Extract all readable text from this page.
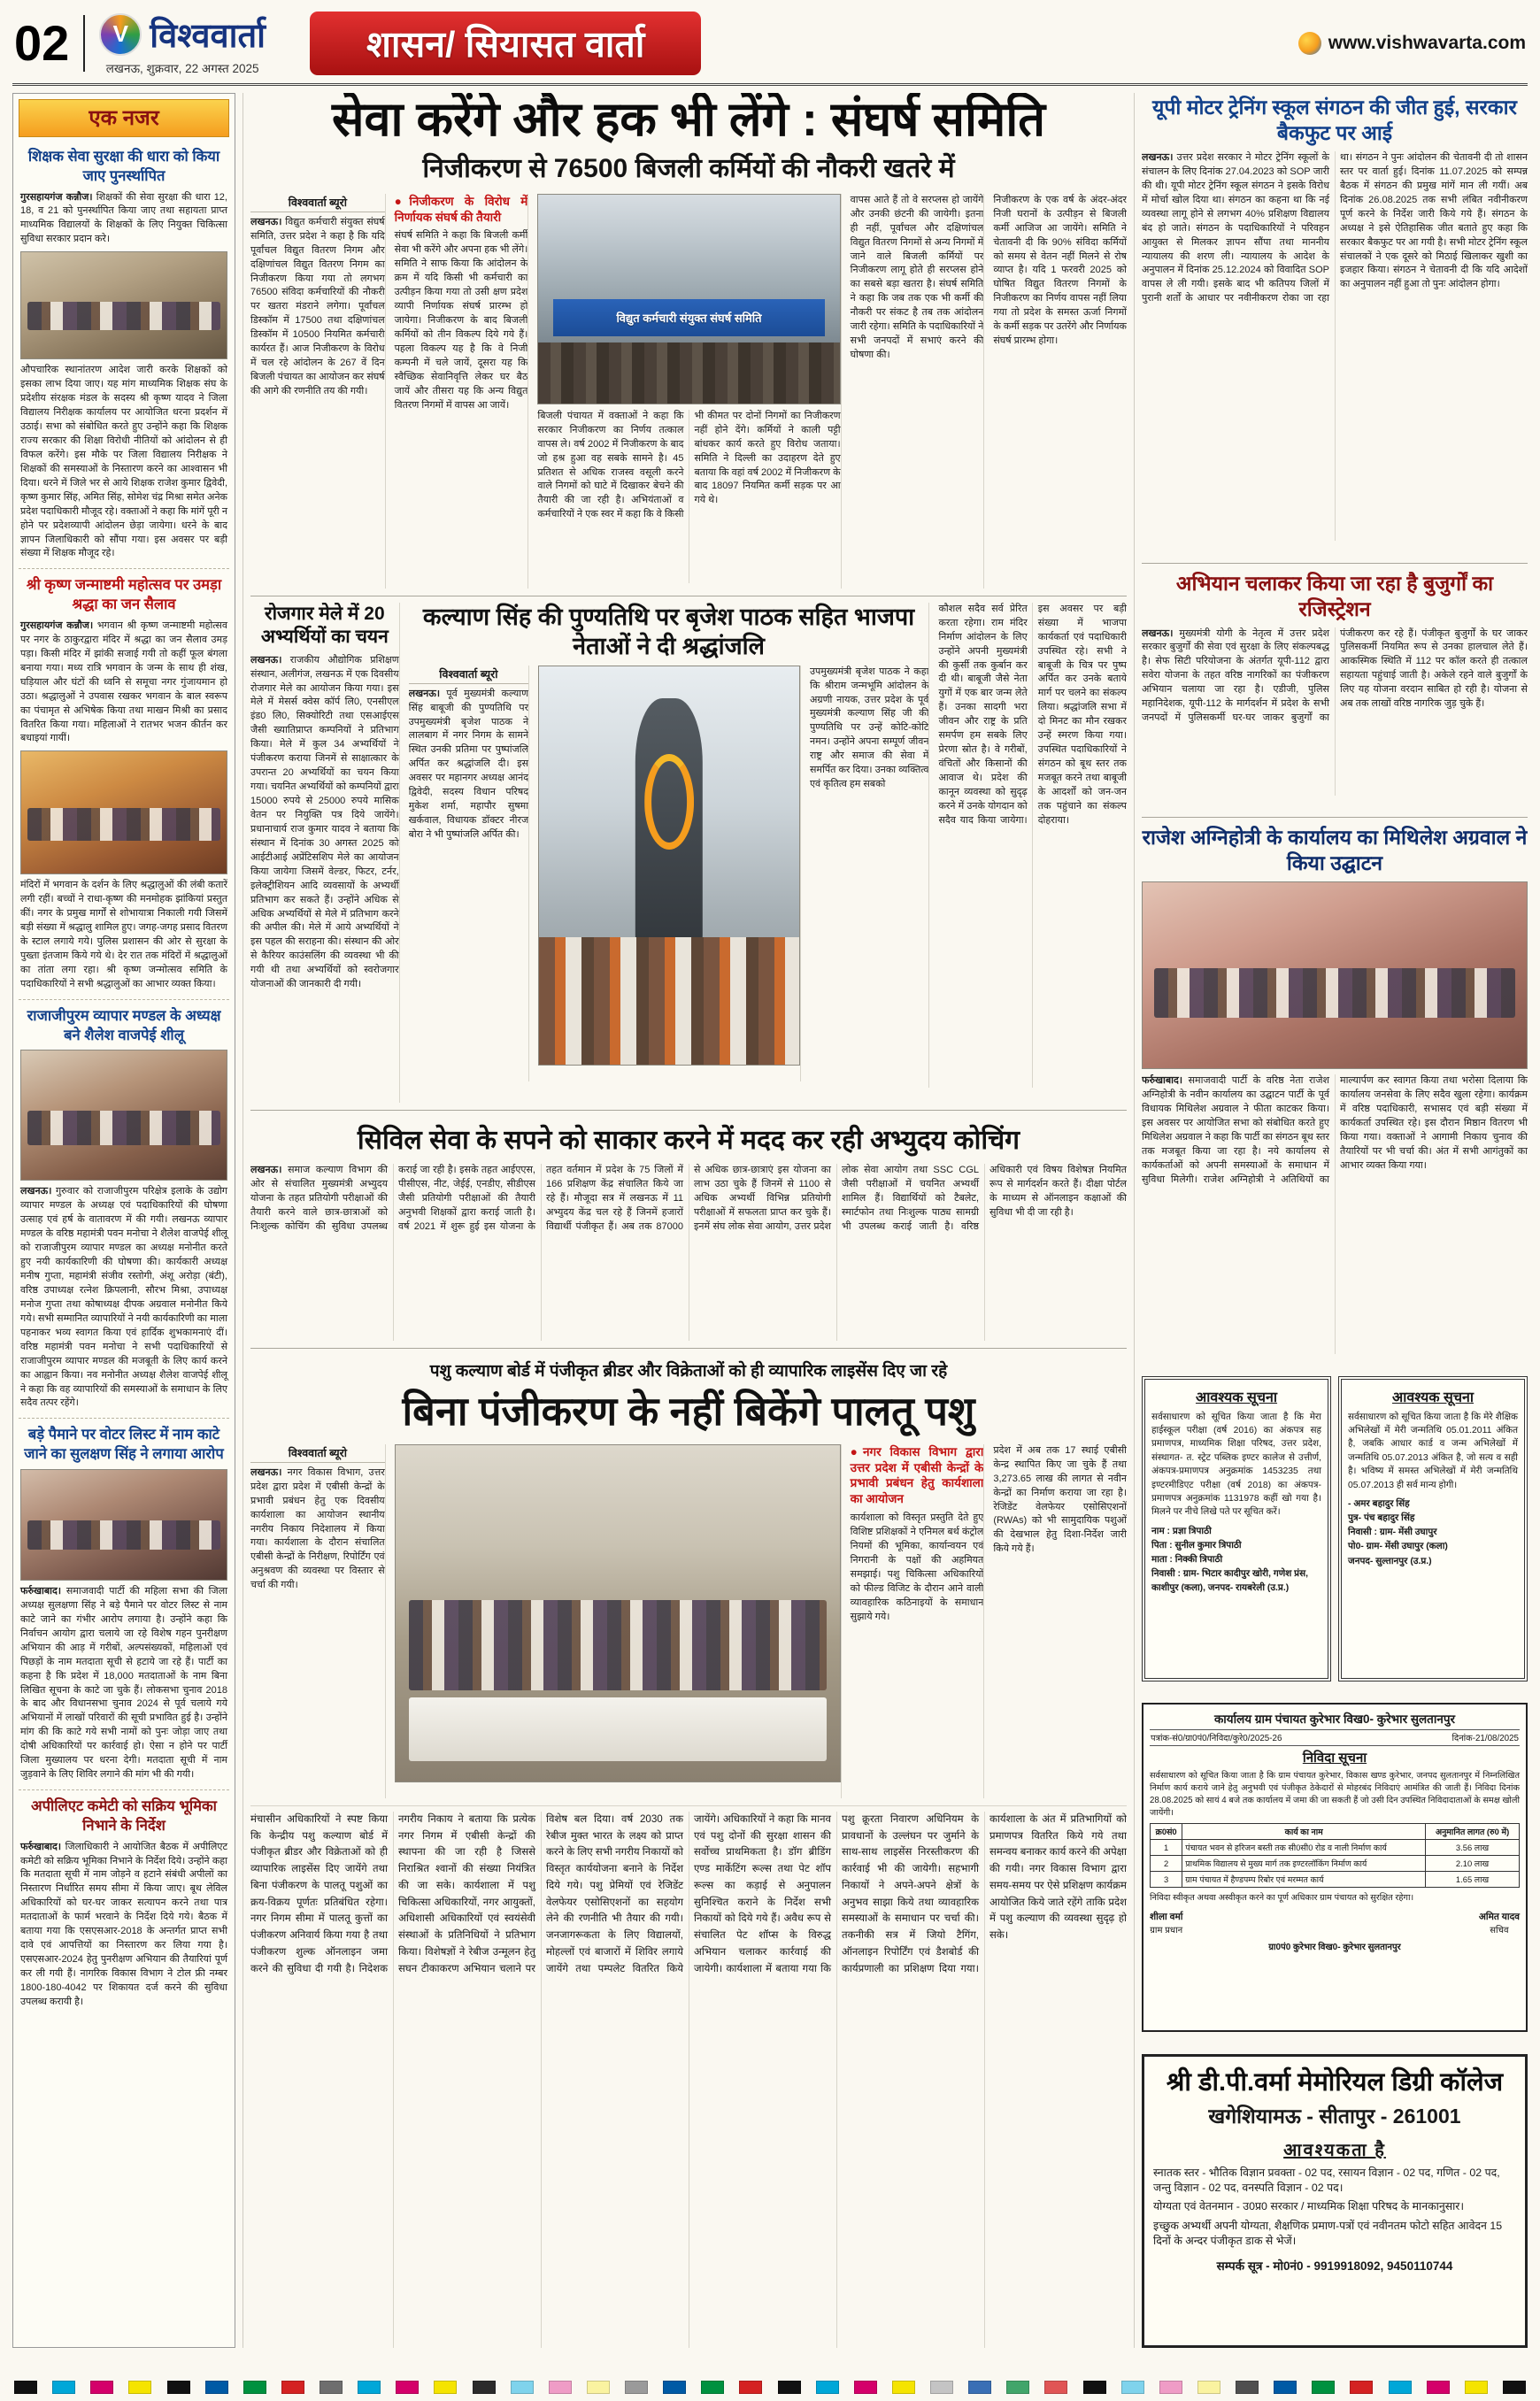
02	V विश्ववार्ता
लखनऊ, शुक्रवार, 22 अगस्त 2025
शासन/ सियासत वार्ता	www.vishwavarta.com
एक नजर
शिक्षक सेवा सुरक्षा की धारा को किया जाए पुनर्स्थापित

गुरसहायगंज कन्नौज। शिक्षकों की सेवा सुरक्षा की धारा 12, 18, व 21 को पुनर्स्थापित किया जाए तथा सहायता प्राप्त माध्यमिक विद्यालयों के शिक्षकों के लिए नियुक्त चिकित्सा सुविधा सरकार प्रदान करे।

औपचारिक स्थानांतरण आदेश जारी करके शिक्षकों को इसका लाभ दिया जाए। यह मांग माध्यमिक शिक्षक संघ के प्रदेशीय संरक्षक मंडल के सदस्य श्री कृष्ण यादव ने जिला विद्यालय निरीक्षक कार्यालय पर आयोजित धरना प्रदर्शन में उठाई। सभा को संबोधित करते हुए उन्होंने कहा कि शिक्षक राज्य सरकार की शिक्षा विरोधी नीतियों को आंदोलन से ही विफल करेंगे। इस मौके पर जिला विद्यालय निरीक्षक ने शिक्षकों की समस्याओं के निस्तारण करने का आश्वासन भी दिया। धरने में जिले भर से आये शिक्षक राजेश कुमार द्विवेदी, कृष्ण कुमार सिंह, अमित सिंह, सोमेश चंद्र मिश्रा समेत अनेक प्रदेश पदाधिकारी मौजूद रहे। वक्ताओं ने कहा कि मांगें पूरी न होने पर प्रदेशव्यापी आंदोलन छेड़ा जायेगा। धरने के बाद ज्ञापन जिलाधिकारी को सौंपा गया। इस अवसर पर बड़ी संख्या में शिक्षक मौजूद रहे।

श्री कृष्ण जन्माष्टमी महोत्सव पर उमड़ा श्रद्धा का जन सैलाव

गुरसहायगंज कन्नौज। भगवान श्री कृष्ण जन्माष्टमी महोत्सव पर नगर के ठाकुरद्वारा मंदिर में श्रद्धा का जन सैलाव उमड़ पड़ा। किसी मंदिर में झांकी सजाई गयी तो कहीं फूल बंगला बनाया गया। मध्य रात्रि भगवान के जन्म के साथ ही शंख, घड़ियाल और घंटों की ध्वनि से समूचा नगर गुंजायमान हो उठा। श्रद्धालुओं ने उपवास रखकर भगवान के बाल स्वरूप का पंचामृत से अभिषेक किया तथा माखन मिश्री का प्रसाद वितरित किया गया। महिलाओं ने रातभर भजन कीर्तन कर बधाइयां गायीं।

मंदिरों में भगवान के दर्शन के लिए श्रद्धालुओं की लंबी कतारें लगी रहीं। बच्चों ने राधा-कृष्ण की मनमोहक झांकियां प्रस्तुत कीं। नगर के प्रमुख मार्गों से शोभायात्रा निकाली गयी जिसमें बड़ी संख्या में श्रद्धालु शामिल हुए। जगह-जगह प्रसाद वितरण के स्टाल लगाये गये। पुलिस प्रशासन की ओर से सुरक्षा के पुख्ता इंतजाम किये गये थे। देर रात तक मंदिरों में श्रद्धालुओं का तांता लगा रहा। श्री कृष्ण जन्मोत्सव समिति के पदाधिकारियों ने सभी श्रद्धालुओं का आभार व्यक्त किया।

राजाजीपुरम व्यापार मण्डल के अध्यक्ष बने शैलेश वाजपेई शीलू

लखनऊ। गुरुवार को राजाजीपुरम परिक्षेत्र इलाके के उद्योग व्यापार मण्डल के अध्यक्ष एवं पदाधिकारियों की घोषणा उत्साह एवं हर्ष के वातावरण में की गयी। लखनऊ व्यापार मण्डल के वरिष्ठ महामंत्री पवन मनोचा ने शैलेश वाजपेई शीलू को राजाजीपुरम व्यापार मण्डल का अध्यक्ष मनोनीत करते हुए नयी कार्यकारिणी की घोषणा की। कार्यकारी अध्यक्ष मनीष गुप्ता, महामंत्री संजीव रस्तोगी, अंशू अरोड़ा (बंटी), वरिष्ठ उपाध्यक्ष रत्नेश क्रिपलानी, सौरभ मिश्रा, उपाध्यक्ष मनोज गुप्ता तथा कोषाध्यक्ष दीपक अग्रवाल मनोनीत किये गये। सभी सम्मानित व्यापारियों ने नयी कार्यकारिणी का माला पहनाकर भव्य स्वागत किया एवं हार्दिक शुभकामनाएं दीं। वरिष्ठ महामंत्री पवन मनोचा ने सभी पदाधिकारियों से राजाजीपुरम व्यापार मण्डल की मजबूती के लिए कार्य करने का आह्वान किया। नव मनोनीत अध्यक्ष शैलेश वाजपेई शीलू ने कहा कि वह व्यापारियों की समस्याओं के समाधान के लिए सदैव तत्पर रहेंगे।

बड़े पैमाने पर वोटर लिस्ट में नाम काटे जाने का सुलक्षण सिंह ने लगाया आरोप

फर्रुखाबाद। समाजवादी पार्टी की महिला सभा की जिला अध्यक्ष सुलक्षणा सिंह ने बड़े पैमाने पर वोटर लिस्ट से नाम काटे जाने का गंभीर आरोप लगाया है। उन्होंने कहा कि निर्वाचन आयोग द्वारा चलाये जा रहे विशेष गहन पुनरीक्षण अभियान की आड़ में गरीबों, अल्पसंख्यकों, महिलाओं एवं पिछड़ों के नाम मतदाता सूची से हटाये जा रहे हैं। पार्टी का कहना है कि प्रदेश में 18,000 मतदाताओं के नाम बिना लिखित सूचना के काटे जा चुके हैं। लोकसभा चुनाव 2018 के बाद और विधानसभा चुनाव 2024 से पूर्व चलाये गये अभियानों में लाखों परिवारों की सूची प्रभावित हुई है। उन्होंने मांग की कि काटे गये सभी नामों को पुनः जोड़ा जाए तथा दोषी अधिकारियों पर कार्रवाई हो। ऐसा न होने पर पार्टी जिला मुख्यालय पर धरना देगी। मतदाता सूची में नाम जुड़वाने के लिए शिविर लगाने की मांग भी की गयी।

अपीलिएट कमेटी को सक्रिय भूमिका निभाने के निर्देश

फर्रुखाबाद। जिलाधिकारी ने आयोजित बैठक में अपीलिएट कमेटी को सक्रिय भूमिका निभाने के निर्देश दिये। उन्होंने कहा कि मतदाता सूची में नाम जोड़ने व हटाने संबंधी अपीलों का निस्तारण निर्धारित समय सीमा में किया जाए। बूथ लेविल अधिकारियों को घर-घर जाकर सत्यापन करने तथा पात्र मतदाताओं के फार्म भरवाने के निर्देश दिये गये। बैठक में बताया गया कि एसएसआर-2018 के अन्तर्गत प्राप्त सभी दावे एवं आपत्तियों का निस्तारण कर लिया गया है। एसएसआर-2024 हेतु पुनरीक्षण अभियान की तैयारियां पूर्ण कर ली गयी हैं। नागरिक विकास विभाग ने टोल फ्री नम्बर 1800-180-4042 पर शिकायत दर्ज करने की सुविधा उपलब्ध करायी है।

सेवा करेंगे और हक भी लेंगे : संघर्ष समिति
निजीकरण से 76500 बिजली कर्मियों की नौकरी खतरे में
विश्ववार्ता ब्यूरो

लखनऊ। विद्युत कर्मचारी संयुक्त संघर्ष समिति, उत्तर प्रदेश ने कहा है कि यदि पूर्वांचल विद्युत वितरण निगम और दक्षिणांचल विद्युत वितरण निगम का निजीकरण किया गया तो लगभग 76500 संविदा कर्मचारियों की नौकरी पर खतरा मंडराने लगेगा। पूर्वांचल डिस्कॉम में 17500 तथा दक्षिणांचल डिस्कॉम में 10500 नियमित कर्मचारी कार्यरत हैं। आज निजीकरण के विरोध में चल रहे आंदोलन के 267 वें दिन बिजली पंचायत का आयोजन कर संघर्ष की आगे की रणनीति तय की गयी।

●निजीकरण के विरोध में निर्णायक संघर्ष की तैयारी

संघर्ष समिति ने कहा कि बिजली कर्मी सेवा भी करेंगे और अपना हक भी लेंगे। समिति ने साफ किया कि आंदोलन के क्रम में यदि किसी भी कर्मचारी का उत्पीड़न किया गया तो उसी क्षण प्रदेश व्यापी निर्णायक संघर्ष प्रारम्भ हो जायेगा। निजीकरण के बाद बिजली कर्मियों को तीन विकल्प दिये गये हैं। पहला विकल्प यह है कि वे निजी कम्पनी में चले जायें, दूसरा यह कि स्वैच्छिक सेवानिवृत्ति लेकर घर बैठ जायें और तीसरा यह कि अन्य विद्युत वितरण निगमों में वापस आ जायें।

विद्युत कर्मचारी संयुक्त संघर्ष समिति
बिजली पंचायत में वक्ताओं ने कहा कि सरकार निजीकरण का निर्णय तत्काल वापस ले। वर्ष 2002 में निजीकरण के बाद जो हश्र हुआ वह सबके सामने है। 45 प्रतिशत से अधिक राजस्व वसूली करने वाले निगमों को घाटे में दिखाकर बेचने की तैयारी की जा रही है। अभियंताओं व कर्मचारियों ने एक स्वर में कहा कि वे किसी भी कीमत पर दोनों निगमों का निजीकरण नहीं होने देंगे। कर्मियों ने काली पट्टी बांधकर कार्य करते हुए विरोध जताया। समिति ने दिल्ली का उदाहरण देते हुए बताया कि वहां वर्ष 2002 में निजीकरण के बाद 18097 नियमित कर्मी सड़क पर आ गये थे।

वापस आते हैं तो वे सरप्लस हो जायेंगे और उनकी छंटनी की जायेगी। इतना ही नहीं, पूर्वांचल और दक्षिणांचल विद्युत वितरण निगमों से अन्य निगमों में जाने वाले बिजली कर्मियों पर निजीकरण लागू होते ही सरप्लस होने का सबसे बड़ा खतरा है। संघर्ष समिति ने कहा कि जब तक एक भी कर्मी की नौकरी पर संकट है तब तक आंदोलन जारी रहेगा। समिति के पदाधिकारियों ने सभी जनपदों में सभाएं करने की घोषणा की।

निजीकरण के एक वर्ष के अंदर-अंदर निजी घरानों के उत्पीड़न से बिजली कर्मी आजिज आ जायेंगे। समिति ने चेतावनी दी कि 90% संविदा कर्मियों को समय से वेतन नहीं मिलने से रोष व्याप्त है। यदि 1 फरवरी 2025 को घोषित विद्युत वितरण निगमों के निजीकरण का निर्णय वापस नहीं लिया गया तो प्रदेश के समस्त ऊर्जा निगमों के कर्मी सड़क पर उतरेंगे और निर्णायक संघर्ष प्रारम्भ होगा।

रोजगार मेले में 20 अभ्यर्थियों का चयन

लखनऊ। राजकीय औद्योगिक प्रशिक्षण संस्थान, अलीगंज, लखनऊ में एक दिवसीय रोजगार मेले का आयोजन किया गया। इस मेले में मेसर्स क्वेस कॉर्प लि0, एनसीएल इंड0 लि0, सिक्योरिटी तथा एसआईएस जैसी ख्यातिप्राप्त कम्पनियों ने प्रतिभाग किया। मेले में कुल 34 अभ्यर्थियों ने पंजीकरण कराया जिनमें से साक्षात्कार के उपरान्त 20 अभ्यर्थियों का चयन किया गया। चयनित अभ्यर्थियों को कम्पनियों द्वारा 15000 रुपये से 25000 रुपये मासिक वेतन पर नियुक्ति पत्र दिये जायेंगे। प्रधानाचार्य राज कुमार यादव ने बताया कि संस्थान में दिनांक 30 अगस्त 2025 को आईटीआई अप्रेंटिसशिप मेले का आयोजन किया जायेगा जिसमें वेल्डर, फिटर, टर्नर, इलेक्ट्रीशियन आदि व्यवसायों के अभ्यर्थी प्रतिभाग कर सकते हैं। उन्होंने अधिक से अधिक अभ्यर्थियों से मेले में प्रतिभाग करने की अपील की। मेले में आये अभ्यर्थियों ने इस पहल की सराहना की। संस्थान की ओर से कैरियर काउंसलिंग की व्यवस्था भी की गयी थी तथा अभ्यर्थियों को स्वरोजगार योजनाओं की जानकारी दी गयी।

कल्याण सिंह की पुण्यतिथि पर बृजेश पाठक सहित भाजपा नेताओं ने दी श्रद्धांजलि
विश्ववार्ता ब्यूरो

लखनऊ। पूर्व मुख्यमंत्री कल्याण सिंह बाबूजी की पुण्यतिथि पर उपमुख्यमंत्री बृजेश पाठक ने लालबाग में नगर निगम के सामने स्थित उनकी प्रतिमा पर पुष्पांजलि अर्पित कर श्रद्धांजलि दी। इस अवसर पर महानगर अध्यक्ष आनंद द्विवेदी, सदस्य विधान परिषद मुकेश शर्मा, महापौर सुषमा खर्कवाल, विधायक डॉक्टर नीरज बोरा ने भी पुष्पांजलि अर्पित की।

उपमुख्यमंत्री बृजेश पाठक ने कहा कि श्रीराम जन्मभूमि आंदोलन के अग्रणी नायक, उत्तर प्रदेश के पूर्व मुख्यमंत्री कल्याण सिंह जी की पुण्यतिथि पर उन्हें कोटि-कोटि नमन। उन्होंने अपना सम्पूर्ण जीवन राष्ट्र और समाज की सेवा में समर्पित कर दिया। उनका व्यक्तित्व एवं कृतित्व हम सबको

कौशल सदैव सर्व प्रेरित करता रहेगा। राम मंदिर निर्माण आंदोलन के लिए उन्होंने अपनी मुख्यमंत्री की कुर्सी तक कुर्बान कर दी थी। बाबूजी जैसे नेता युगों में एक बार जन्म लेते हैं। उनका सादगी भरा जीवन और राष्ट्र के प्रति समर्पण हम सबके लिए प्रेरणा स्रोत है। वे गरीबों, वंचितों और किसानों की आवाज थे। प्रदेश की कानून व्यवस्था को सुदृढ़ करने में उनके योगदान को सदैव याद किया जायेगा। इस अवसर पर बड़ी संख्या में भाजपा कार्यकर्ता एवं पदाधिकारी उपस्थित रहे। सभी ने बाबूजी के चित्र पर पुष्प अर्पित कर उनके बताये मार्ग पर चलने का संकल्प लिया। श्रद्धांजलि सभा में दो मिनट का मौन रखकर उन्हें स्मरण किया गया। उपस्थित पदाधिकारियों ने संगठन को बूथ स्तर तक मजबूत करने तथा बाबूजी के आदर्शों को जन-जन तक पहुंचाने का संकल्प दोहराया।
सिविल सेवा के सपने को साकार करने में मदद कर रही अभ्युदय कोचिंग
लखनऊ। समाज कल्याण विभाग की ओर से संचालित मुख्यमंत्री अभ्युदय योजना के तहत प्रतियोगी परीक्षाओं की तैयारी करने वाले छात्र-छात्राओं को निःशुल्क कोचिंग की सुविधा उपलब्ध कराई जा रही है। इसके तहत आईएएस, पीसीएस, नीट, जेईई, एनडीए, सीडीएस जैसी प्रतियोगी परीक्षाओं की तैयारी अनुभवी शिक्षकों द्वारा कराई जाती है। वर्ष 2021 में शुरू हुई इस योजना के तहत वर्तमान में प्रदेश के 75 जिलों में 166 प्रशिक्षण केंद्र संचालित किये जा रहे हैं। मौजूदा सत्र में लखनऊ में 11 अभ्युदय केंद्र चल रहे हैं जिनमें हजारों विद्यार्थी पंजीकृत हैं। अब तक 87000 से अधिक छात्र-छात्राएं इस योजना का लाभ उठा चुके हैं जिनमें से 1100 से अधिक अभ्यर्थी विभिन्न प्रतियोगी परीक्षाओं में सफलता प्राप्त कर चुके हैं। इनमें संघ लोक सेवा आयोग, उत्तर प्रदेश लोक सेवा आयोग तथा SSC CGL जैसी परीक्षाओं में चयनित अभ्यर्थी शामिल हैं। विद्यार्थियों को टैबलेट, स्मार्टफोन तथा निःशुल्क पाठ्य सामग्री भी उपलब्ध कराई जाती है। वरिष्ठ अधिकारी एवं विषय विशेषज्ञ नियमित रूप से मार्गदर्शन करते हैं। दीक्षा पोर्टल के माध्यम से ऑनलाइन कक्षाओं की सुविधा भी दी जा रही है।
पशु कल्याण बोर्ड में पंजीकृत ब्रीडर और विक्रेताओं को ही व्यापारिक लाइसेंस दिए जा रहे
बिना पंजीकरण के नहीं बिकेंगे पालतू पशु
विश्ववार्ता ब्यूरो

लखनऊ। नगर विकास विभाग, उत्तर प्रदेश द्वारा प्रदेश में एबीसी केन्द्रों के प्रभावी प्रबंधन हेतु एक दिवसीय कार्यशाला का आयोजन स्थानीय नगरीय निकाय निदेशालय में किया गया। कार्यशाला के दौरान संचालित एबीसी केन्द्रों के निरीक्षण, रिपोर्टिंग एवं अनुश्रवण की व्यवस्था पर विस्तार से चर्चा की गयी।

●नगर विकास विभाग द्वारा उत्तर प्रदेश में एबीसी केन्द्रों के प्रभावी प्रबंधन हेतु कार्यशाला का आयोजन

कार्यशाला को विस्तृत प्रस्तुति देते हुए विशिष्ट प्रशिक्षकों ने एनिमल बर्थ कंट्रोल नियमों की भूमिका, कार्यान्वयन एवं निगरानी के पक्षों की अहमियत समझाई। पशु चिकित्सा अधिकारियों को फील्ड विजिट के दौरान आने वाली व्यावहारिक कठिनाइयों के समाधान सुझाये गये।

प्रदेश में अब तक 17 स्थाई एबीसी केन्द्र स्थापित किए जा चुके हैं तथा 3,273.65 लाख की लागत से नवीन केन्द्रों का निर्माण कराया जा रहा है। रेजिडेंट वेलफेयर एसोसिएशनों (RWAs) को भी सामुदायिक पशुओं की देखभाल हेतु दिशा-निर्देश जारी किये गये हैं।

मंचासीन अधिकारियों ने स्पष्ट किया कि केन्द्रीय पशु कल्याण बोर्ड में पंजीकृत ब्रीडर और विक्रेताओं को ही व्यापारिक लाइसेंस दिए जायेंगे तथा बिना पंजीकरण के पालतू पशुओं का क्रय-विक्रय पूर्णतः प्रतिबंधित रहेगा। नगर निगम सीमा में पालतू कुत्तों का पंजीकरण अनिवार्य किया गया है तथा पंजीकरण शुल्क ऑनलाइन जमा करने की सुविधा दी गयी है। निदेशक नगरीय निकाय ने बताया कि प्रत्येक नगर निगम में एबीसी केन्द्रों की स्थापना की जा रही है जिससे निराश्रित श्वानों की संख्या नियंत्रित की जा सके। कार्यशाला में पशु चिकित्सा अधिकारियों, नगर आयुक्तों, अधिशासी अधिकारियों एवं स्वयंसेवी संस्थाओं के प्रतिनिधियों ने प्रतिभाग किया। विशेषज्ञों ने रेबीज उन्मूलन हेतु सघन टीकाकरण अभियान चलाने पर विशेष बल दिया। वर्ष 2030 तक रेबीज मुक्त भारत के लक्ष्य को प्राप्त करने के लिए सभी नगरीय निकायों को विस्तृत कार्ययोजना बनाने के निर्देश दिये गये। पशु प्रेमियों एवं रेजिडेंट वेलफेयर एसोसिएशनों का सहयोग लेने की रणनीति भी तैयार की गयी। जनजागरूकता के लिए विद्यालयों, मोहल्लों एवं बाजारों में शिविर लगाये जायेंगे तथा पम्पलेट वितरित किये जायेंगे। अधिकारियों ने कहा कि मानव एवं पशु दोनों की सुरक्षा शासन की सर्वोच्च प्राथमिकता है। डॉग ब्रीडिंग एण्ड मार्केटिंग रूल्स तथा पेट शॉप रूल्स का कड़ाई से अनुपालन सुनिश्चित कराने के निर्देश सभी निकायों को दिये गये हैं। अवैध रूप से संचालित पेट शॉप्स के विरुद्ध अभियान चलाकर कार्रवाई की जायेगी। कार्यशाला में बताया गया कि पशु क्रूरता निवारण अधिनियम के प्रावधानों के उल्लंघन पर जुर्माने के साथ-साथ लाइसेंस निरस्तीकरण की कार्रवाई भी की जायेगी। सहभागी निकायों ने अपने-अपने क्षेत्रों के अनुभव साझा किये तथा व्यावहारिक समस्याओं के समाधान पर चर्चा की। तकनीकी सत्र में जियो टैगिंग, ऑनलाइन रिपोर्टिंग एवं डैशबोर्ड की कार्यप्रणाली का प्रशिक्षण दिया गया। कार्यशाला के अंत में प्रतिभागियों को प्रमाणपत्र वितरित किये गये तथा समन्वय बनाकर कार्य करने की अपेक्षा की गयी। नगर विकास विभाग द्वारा समय-समय पर ऐसे प्रशिक्षण कार्यक्रम आयोजित किये जाते रहेंगे ताकि प्रदेश में पशु कल्याण की व्यवस्था सुदृढ़ हो सके।
यूपी मोटर ट्रेनिंग स्कूल संगठन की जीत हुई, सरकार बैकफुट पर आई
लखनऊ। उत्तर प्रदेश सरकार ने मोटर ट्रेनिंग स्कूलों के संचालन के लिए दिनांक 27.04.2023 को SOP जारी की थी। यूपी मोटर ट्रेनिंग स्कूल संगठन ने इसके विरोध में मोर्चा खोल दिया था। संगठन का कहना था कि नई व्यवस्था लागू होने से लगभग 40% प्रशिक्षण विद्यालय बंद हो जाते। संगठन के पदाधिकारियों ने परिवहन आयुक्त से मिलकर ज्ञापन सौंपा तथा माननीय न्यायालय की शरण ली। न्यायालय के आदेश के अनुपालन में दिनांक 25.12.2024 को विवादित SOP वापस ले ली गयी। इसके बाद भी कतिपय जिलों में पुरानी शर्तों के आधार पर नवीनीकरण रोका जा रहा था। संगठन ने पुनः आंदोलन की चेतावनी दी तो शासन स्तर पर वार्ता हुई। दिनांक 11.07.2025 को सम्पन्न बैठक में संगठन की प्रमुख मांगें मान ली गयीं। अब दिनांक 26.08.2025 तक सभी लंबित नवीनीकरण पूर्ण करने के निर्देश जारी किये गये हैं। संगठन के अध्यक्ष ने इसे ऐतिहासिक जीत बताते हुए कहा कि सरकार बैकफुट पर आ गयी है। सभी मोटर ट्रेनिंग स्कूल संचालकों ने एक दूसरे को मिठाई खिलाकर खुशी का इजहार किया। संगठन ने चेतावनी दी कि यदि आदेशों का अनुपालन नहीं हुआ तो पुनः आंदोलन होगा।
अभियान चलाकर किया जा रहा है बुजुर्गों का रजिस्ट्रेशन
लखनऊ। मुख्यमंत्री योगी के नेतृत्व में उत्तर प्रदेश सरकार बुजुर्गों की सेवा एवं सुरक्षा के लिए संकल्पबद्ध है। सेफ सिटी परियोजना के अंतर्गत यूपी-112 द्वारा सवेरा योजना के तहत वरिष्ठ नागरिकों का पंजीकरण अभियान चलाया जा रहा है। एडीजी, पुलिस महानिदेशक, यूपी-112 के मार्गदर्शन में प्रदेश के सभी जनपदों में पुलिसकर्मी घर-घर जाकर बुजुर्गों का पंजीकरण कर रहे हैं। पंजीकृत बुजुर्गों के घर जाकर पुलिसकर्मी नियमित रूप से उनका हालचाल लेते हैं। आकस्मिक स्थिति में 112 पर कॉल करते ही तत्काल सहायता पहुंचाई जाती है। अकेले रहने वाले बुजुर्गों के लिए यह योजना वरदान साबित हो रही है। योजना से अब तक लाखों वरिष्ठ नागरिक जुड़ चुके हैं।
राजेश अग्निहोत्री के कार्यालय का मिथिलेश अग्रवाल ने किया उद्घाटन
फर्रुखाबाद। समाजवादी पार्टी के वरिष्ठ नेता राजेश अग्निहोत्री के नवीन कार्यालय का उद्घाटन पार्टी के पूर्व विधायक मिथिलेश अग्रवाल ने फीता काटकर किया। इस अवसर पर आयोजित सभा को संबोधित करते हुए मिथिलेश अग्रवाल ने कहा कि पार्टी का संगठन बूथ स्तर तक मजबूत किया जा रहा है। नये कार्यालय से कार्यकर्ताओं को अपनी समस्याओं के समाधान में सुविधा मिलेगी। राजेश अग्निहोत्री ने अतिथियों का माल्यार्पण कर स्वागत किया तथा भरोसा दिलाया कि कार्यालय जनसेवा के लिए सदैव खुला रहेगा। कार्यक्रम में वरिष्ठ पदाधिकारी, सभासद एवं बड़ी संख्या में कार्यकर्ता उपस्थित रहे। इस दौरान मिष्ठान वितरण भी किया गया। वक्ताओं ने आगामी निकाय चुनाव की तैयारियों पर भी चर्चा की। अंत में सभी आगंतुकों का आभार व्यक्त किया गया।
आवश्यक सूचना
सर्वसाधारण को सूचित किया जाता है कि मेरा हाईस्कूल परीक्षा (वर्ष 2016) का अंकपत्र सह प्रमाणपत्र, माध्यमिक शिक्षा परिषद, उत्तर प्रदेश, संस्थागत- त. स्ट्रेट पब्लिक इण्टर कालेज से उत्तीर्ण, अंकपत्र-प्रमाणपत्र अनुक्रमांक 1453235 तथा इण्टरमीडिएट परीक्षा (वर्ष 2018) का अंकपत्र-प्रमाणपत्र अनुक्रमांक 1131978 कहीं खो गया है। मिलने पर नीचे लिखे पते पर सूचित करें।
नाम : प्रज्ञा त्रिपाठी
पिता : सुनील कुमार त्रिपाठी
माता : निक्की त्रिपाठी
निवासी : ग्राम- भिटार कादीपुर खोरी, गणेश प्रंस, काशीपुर (कला), जनपद- रायबरेली (उ.प्र.)
आवश्यक सूचना
सर्वसाधारण को सूचित किया जाता है कि मेरे शैक्षिक अभिलेखों में मेरी जन्मतिथि 05.01.2011 अंकित है, जबकि आधार कार्ड व जन्म अभिलेखों में जन्मतिथि 05.07.2013 अंकित है, जो सत्य व सही है। भविष्य में समस्त अभिलेखों में मेरी जन्मतिथि 05.07.2013 ही सर्व मान्य होगी।
- अमर बहादुर सिंह
पुत्र- पंच बहादुर सिंह
निवासी : ग्राम- मेंसी उघापुर
पो0- ग्राम- मेंसी उघापुर (कला)
जनपद- सुल्तानपुर (उ.प्र.)
कार्यालय ग्राम पंचायत कुरेभार विख0- कुरेभार सुलतानपुर
पत्रांक-सं0/ग्रा0पं0/निविदा/कुरे0/2025-26	दिनांक-21/08/2025
निविदा सूचना
सर्वसाधारण को सूचित किया जाता है कि ग्राम पंचायत कुरेभार, विकास खण्ड कुरेभार, जनपद सुलतानपुर में निम्नलिखित निर्माण कार्य कराये जाने हेतु अनुभवी एवं पंजीकृत ठेकेदारों से मोहरबंद निविदाएं आमंत्रित की जाती हैं। निविदा दिनांक 28.08.2025 को सायं 4 बजे तक कार्यालय में जमा की जा सकती हैं जो उसी दिन उपस्थित निविदादाताओं के समक्ष खोली जायेंगी।
क्र0सं0	कार्य का नाम	अनुमानित लागत (रु0 में)
1	पंचायत भवन से हरिजन बस्ती तक सी0सी0 रोड व नाली निर्माण कार्य	3.56 लाख
2	प्राथमिक विद्यालय से मुख्य मार्ग तक इण्टरलॉकिंग निर्माण कार्य	2.10 लाख
3	ग्राम पंचायत में हैण्डपम्प रिबोर एवं मरम्मत कार्य	1.65 लाख
निविदा स्वीकृत अथवा अस्वीकृत करने का पूर्ण अधिकार ग्राम पंचायत को सुरक्षित रहेगा।
शीला वर्मा
ग्राम प्रधान
अमित यादव
सचिव
ग्रा0पं0 कुरेभार विख0- कुरेभार सुलतानपुर
श्री डी.पी.वर्मा मेमोरियल डिग्री कॉलेज
खगेशियामऊ - सीतापुर - 261001
आवश्यकता है
स्नातक स्तर - भौतिक विज्ञान प्रवक्ता - 02 पद, रसायन विज्ञान - 02 पद, गणित - 02 पद, जन्तु विज्ञान - 02 पद, वनस्पति विज्ञान - 02 पद।
योग्यता एवं वेतनमान - उ0प्र0 सरकार / माध्यमिक शिक्षा परिषद के मानकानुसार।
इच्छुक अभ्यर्थी अपनी योग्यता, शैक्षणिक प्रमाण-पत्रों एवं नवीनतम फोटो सहित आवेदन 15 दिनों के अन्दर पंजीकृत डाक से भेजें।
सम्पर्क सूत्र - मो0नं0 - 9919918092, 9450110744
